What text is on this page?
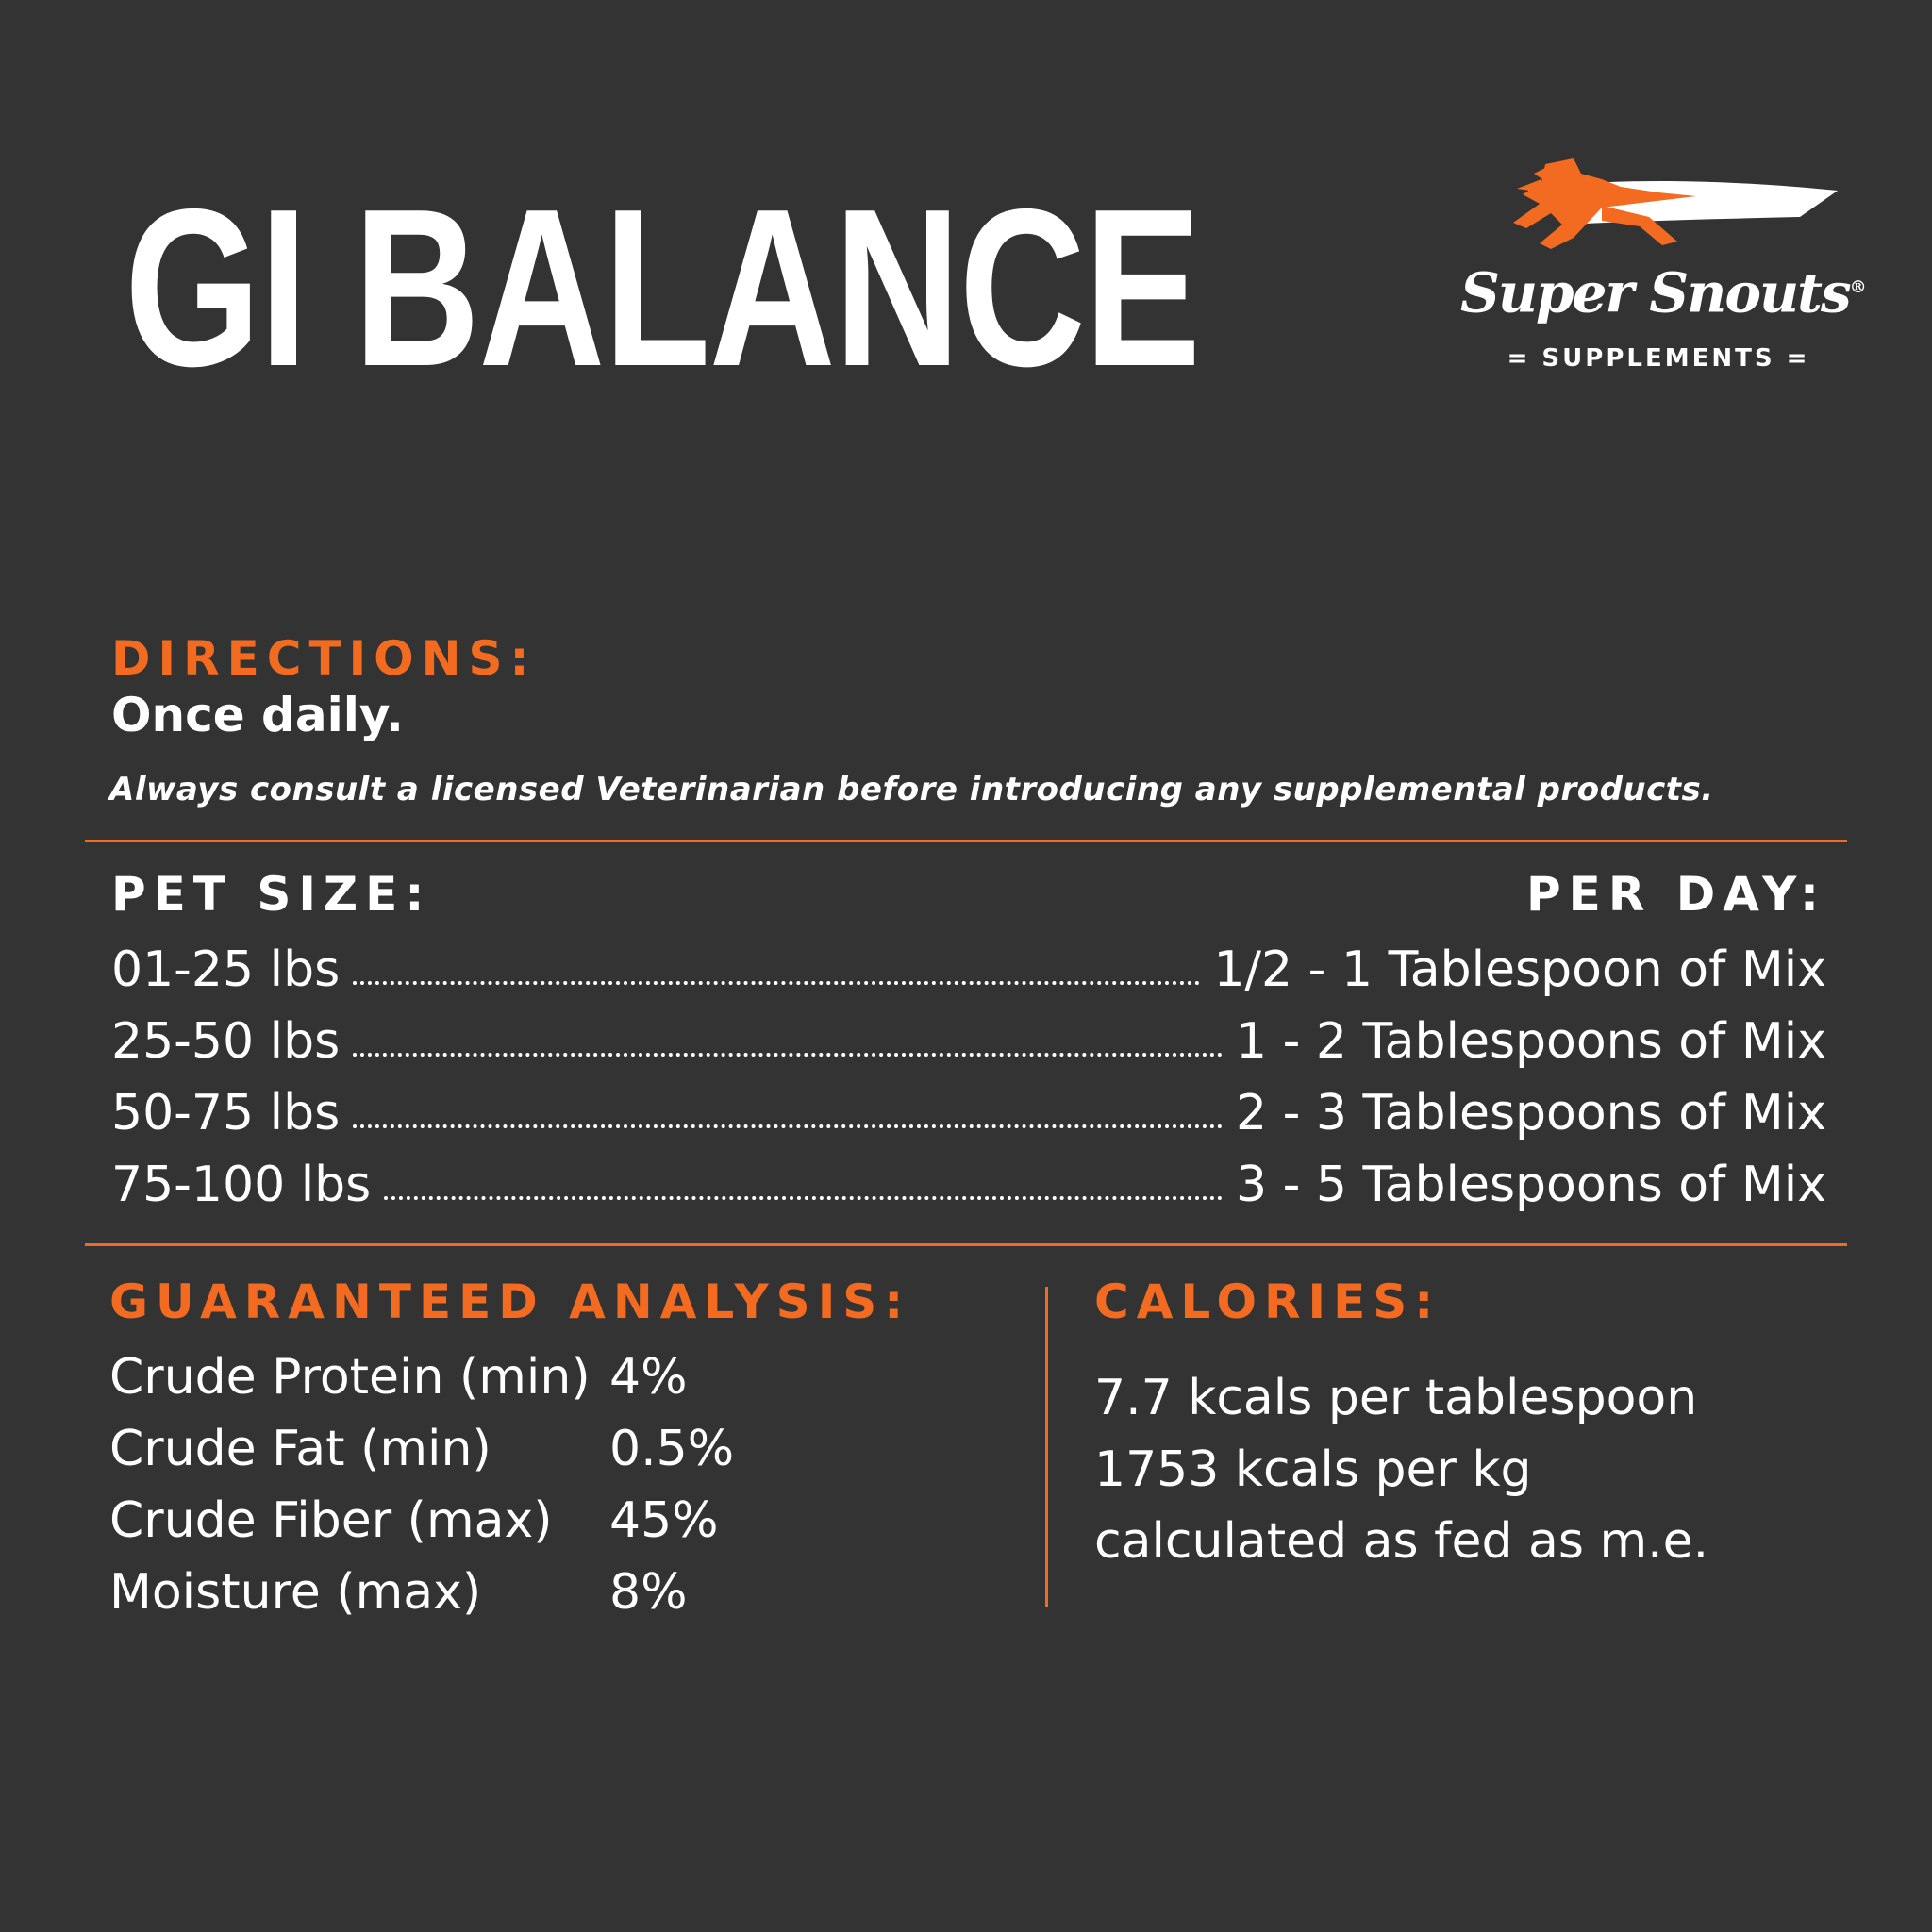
GI BALANCE	Super Snouts®
= SUPPLEMENTS =
DIRECTIONS:
Once daily.
Always consult a licensed Veterinarian before introducing any supplemental products.
PET SIZE:	PER DAY:
01-25 lbs	1/2 - 1 Tablespoon of Mix
25-50 lbs	1 - 2 Tablespoons of Mix
50-75 lbs	2 - 3 Tablespoons of Mix
75-100 lbs	3 - 5 Tablespoons of Mix
GUARANTEED ANALYSIS:
Crude Protein (min) 4%
Crude Fat (min)	0.5%
Crude Fiber (max)	45%
Moisture (max)	8%
CALORIES:
7.7 kcals per tablespoon
1753 kcals per kg
calculated as fed as m.e.
